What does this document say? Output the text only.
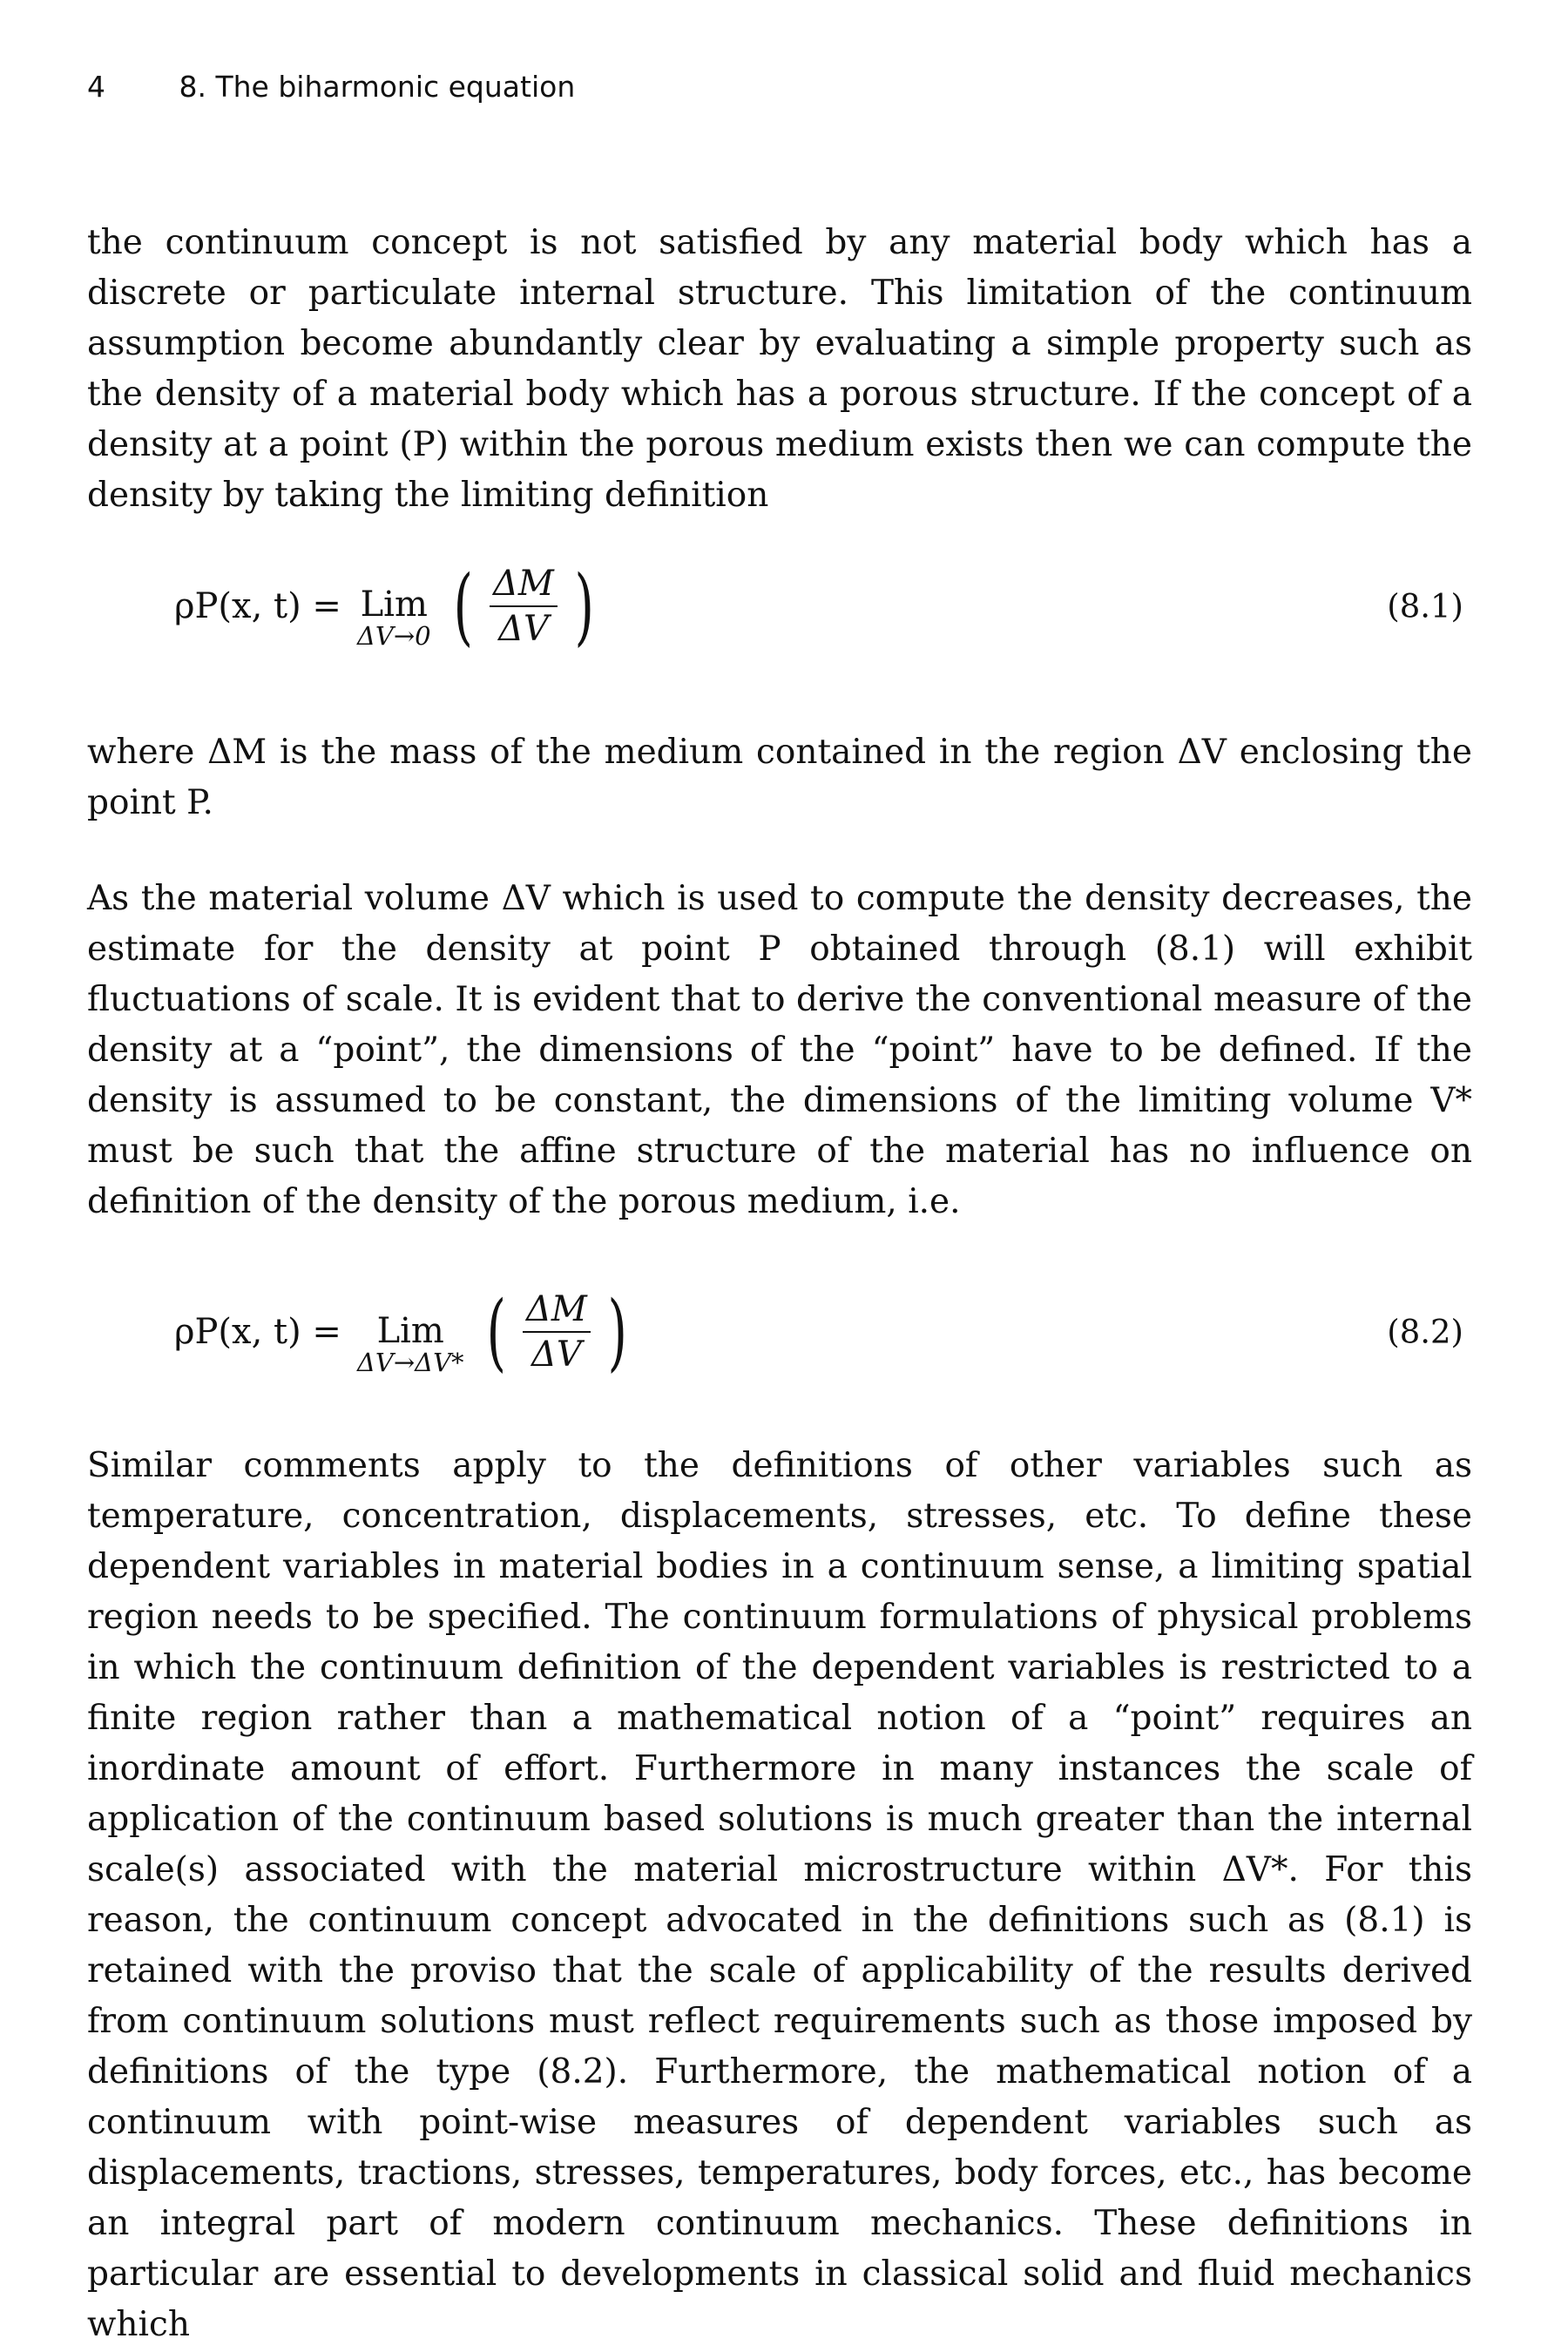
4	8. The biharmonic equation

the continuum concept is not satisfied by any material body which has a discrete or particulate internal structure. This limitation of the continuum assumption become abundantly clear by evaluating a simple property such as the density of a material body which has a porous structure. If the concept of a density at a point (P) within the porous medium exists then we can compute the density by taking the limiting definition

ρP(x, t) = Lim
ΔV→0 ( $\frac{\Delta M}{\Delta V}$ )	(8.1)

where ΔM is the mass of the medium contained in the region ΔV enclosing the point P.

As the material volume ΔV which is used to compute the density decreases, the estimate for the density at point P obtained through (8.1) will exhibit fluctuations of scale. It is evident that to derive the conventional measure of the density at a “point”, the dimensions of the “point” have to be defined. If the density is assumed to be constant, the dimensions of the limiting volume V* must be such that the affine structure of the material has no influence on definition of the density of the porous medium, i.e.

ρP(x, t) = Lim
ΔV→ΔV* ( $\frac{\Delta M}{\Delta V}$ )	(8.2)

Similar comments apply to the definitions of other variables such as temperature, concentration, displacements, stresses, etc. To define these dependent variables in material bodies in a continuum sense, a limiting spatial region needs to be specified. The continuum formulations of physical problems in which the continuum definition of the dependent variables is restricted to a finite region rather than a mathematical notion of a “point” requires an inordinate amount of effort. Furthermore in many instances the scale of application of the continuum based solutions is much greater than the internal scale(s) associated with the material microstructure within ΔV*. For this reason, the continuum concept advocated in the definitions such as (8.1) is retained with the proviso that the scale of applicability of the results derived from continuum solutions must reflect requirements such as those imposed by definitions of the type (8.2). Furthermore, the mathematical notion of a continuum with point-wise measures of dependent variables such as displacements, tractions, stresses, temperatures, body forces, etc., has become an integral part of modern continuum mechanics. These definitions in particular are essential to developments in classical solid and fluid mechanics which
